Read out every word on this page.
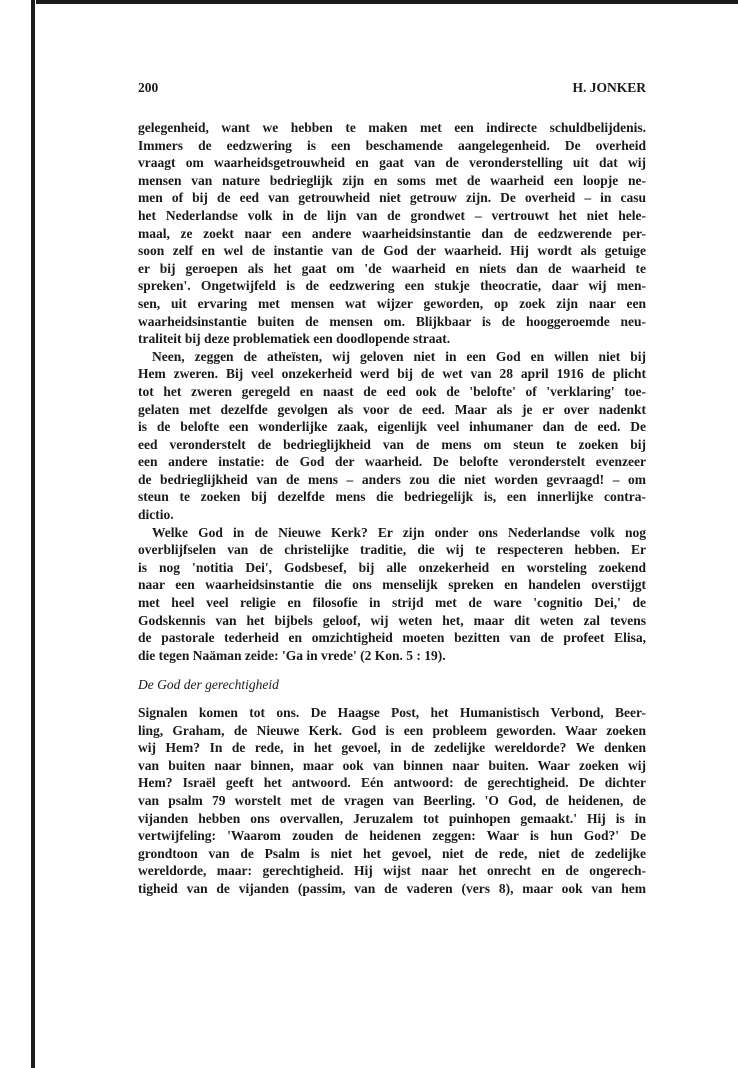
200	H. JONKER

gelegenheid, want we hebben te maken met een indirecte schuldbelijdenis.
Immers de eedzwering is een beschamende aangelegenheid. De overheid
vraagt om waarheidsgetrouwheid en gaat van de veronderstelling uit dat wij
mensen van nature bedrieglijk zijn en soms met de waarheid een loopje ne-
men of bij de eed van getrouwheid niet getrouw zijn. De overheid – in casu
het Nederlandse volk in de lijn van de grondwet – vertrouwt het niet hele-
maal, ze zoekt naar een andere waarheidsinstantie dan de eedzwerende per-
soon zelf en wel de instantie van de God der waarheid. Hij wordt als getuige
er bij geroepen als het gaat om 'de waarheid en niets dan de waarheid te
spreken'. Ongetwijfeld is de eedzwering een stukje theocratie, daar wij men-
sen, uit ervaring met mensen wat wijzer geworden, op zoek zijn naar een
waarheidsinstantie buiten de mensen om. Blijkbaar is de hooggeroemde neu-
traliteit bij deze problematiek een doodlopende straat.

Neen, zeggen de atheïsten, wij geloven niet in een God en willen niet bij
Hem zweren. Bij veel onzekerheid werd bij de wet van 28 april 1916 de plicht
tot het zweren geregeld en naast de eed ook de 'belofte' of 'verklaring' toe-
gelaten met dezelfde gevolgen als voor de eed. Maar als je er over nadenkt
is de belofte een wonderlijke zaak, eigenlijk veel inhumaner dan de eed. De
eed veronderstelt de bedrieglijkheid van de mens om steun te zoeken bij
een andere instatie: de God der waarheid. De belofte veronderstelt evenzeer
de bedrieglijkheid van de mens – anders zou die niet worden gevraagd! – om
steun te zoeken bij dezelfde mens die bedriegelijk is, een innerlijke contra-
dictio.

Welke God in de Nieuwe Kerk? Er zijn onder ons Nederlandse volk nog
overblijfselen van de christelijke traditie, die wij te respecteren hebben. Er
is nog 'notitia Dei', Godsbesef, bij alle onzekerheid en worsteling zoekend
naar een waarheidsinstantie die ons menselijk spreken en handelen overstijgt
met heel veel religie en filosofie in strijd met de ware 'cognitio Dei,' de
Godskennis van het bijbels geloof, wij weten het, maar dit weten zal tevens
de pastorale tederheid en omzichtigheid moeten bezitten van de profeet Elisa,
die tegen Naäman zeide: 'Ga in vrede' (2 Kon. 5 : 19).

De God der gerechtigheid

Signalen komen tot ons. De Haagse Post, het Humanistisch Verbond, Beer-
ling, Graham, de Nieuwe Kerk. God is een probleem geworden. Waar zoeken
wij Hem? In de rede, in het gevoel, in de zedelijke wereldorde? We denken
van buiten naar binnen, maar ook van binnen naar buiten. Waar zoeken wij
Hem? Israël geeft het antwoord. Eén antwoord: de gerechtigheid. De dichter
van psalm 79 worstelt met de vragen van Beerling. 'O God, de heidenen, de
vijanden hebben ons overvallen, Jeruzalem tot puinhopen gemaakt.' Hij is in
vertwijfeling: 'Waarom zouden de heidenen zeggen: Waar is hun God?' De
grondtoon van de Psalm is niet het gevoel, niet de rede, niet de zedelijke
wereldorde, maar: gerechtigheid. Hij wijst naar het onrecht en de ongerech-
tigheid van de vijanden (passim, van de vaderen (vers 8), maar ook van hem
